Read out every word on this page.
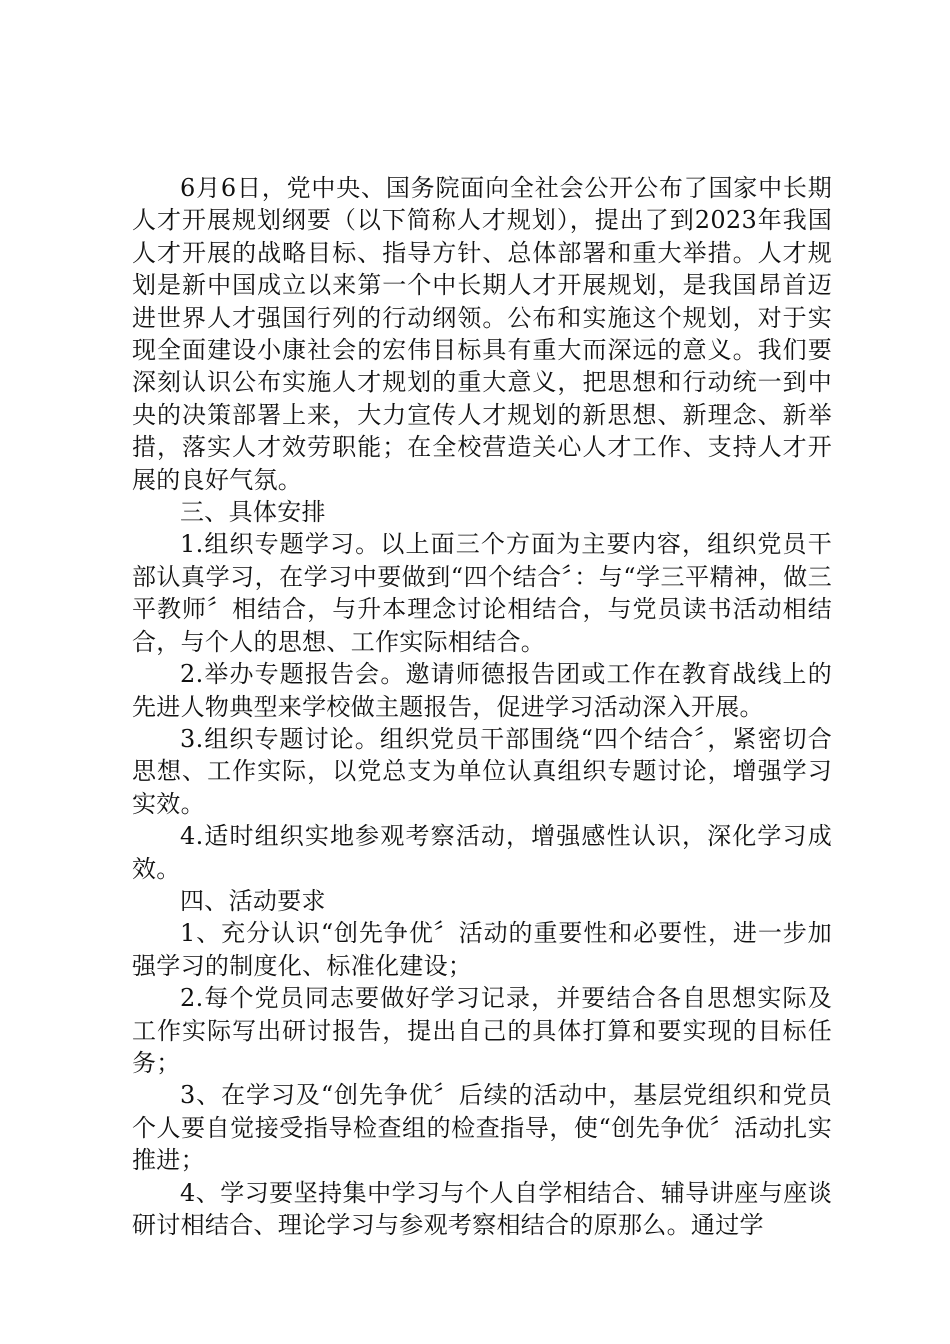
6月6日，党中央、国务院面向全社会公开公布了国家中长期人才开展规划纲要（以下简称人才规划），提出了到2023年我国人才开展的战略目标、指导方针、总体部署和重大举措。人才规划是新中国成立以来第一个中长期人才开展规划，是我国昂首迈进世界人才强国行列的行动纲领。公布和实施这个规划，对于实现全面建设小康社会的宏伟目标具有重大而深远的意义。我们要深刻认识公布实施人才规划的重大意义，把思想和行动统一到中央的决策部署上来，大力宣传人才规划的新思想、新理念、新举措，落实人才效劳职能；在全校营造关心人才工作、支持人才开展的良好气氛。

三、具体安排

1.组织专题学习。以上面三个方面为主要内容，组织党员干部认真学习，在学习中要做到“四个结合〞：与“学三平精神，做三平教师〞相结合，与升本理念讨论相结合，与党员读书活动相结合，与个人的思想、工作实际相结合。

2.举办专题报告会。邀请师德报告团或工作在教育战线上的先进人物典型来学校做主题报告，促进学习活动深入开展。

3.组织专题讨论。组织党员干部围绕“四个结合〞，紧密切合思想、工作实际，以党总支为单位认真组织专题讨论，增强学习实效。

4.适时组织实地参观考察活动，增强感性认识，深化学习成效。

四、活动要求

1、充分认识“创先争优〞活动的重要性和必要性，进一步加强学习的制度化、标准化建设；

2.每个党员同志要做好学习记录，并要结合各自思想实际及工作实际写出研讨报告，提出自己的具体打算和要实现的目标任务；

3、在学习及“创先争优〞后续的活动中，基层党组织和党员个人要自觉接受指导检查组的检查指导，使“创先争优〞活动扎实推进；

4、学习要坚持集中学习与个人自学相结合、辅导讲座与座谈研讨相结合、理论学习与参观考察相结合的原那么。通过学
